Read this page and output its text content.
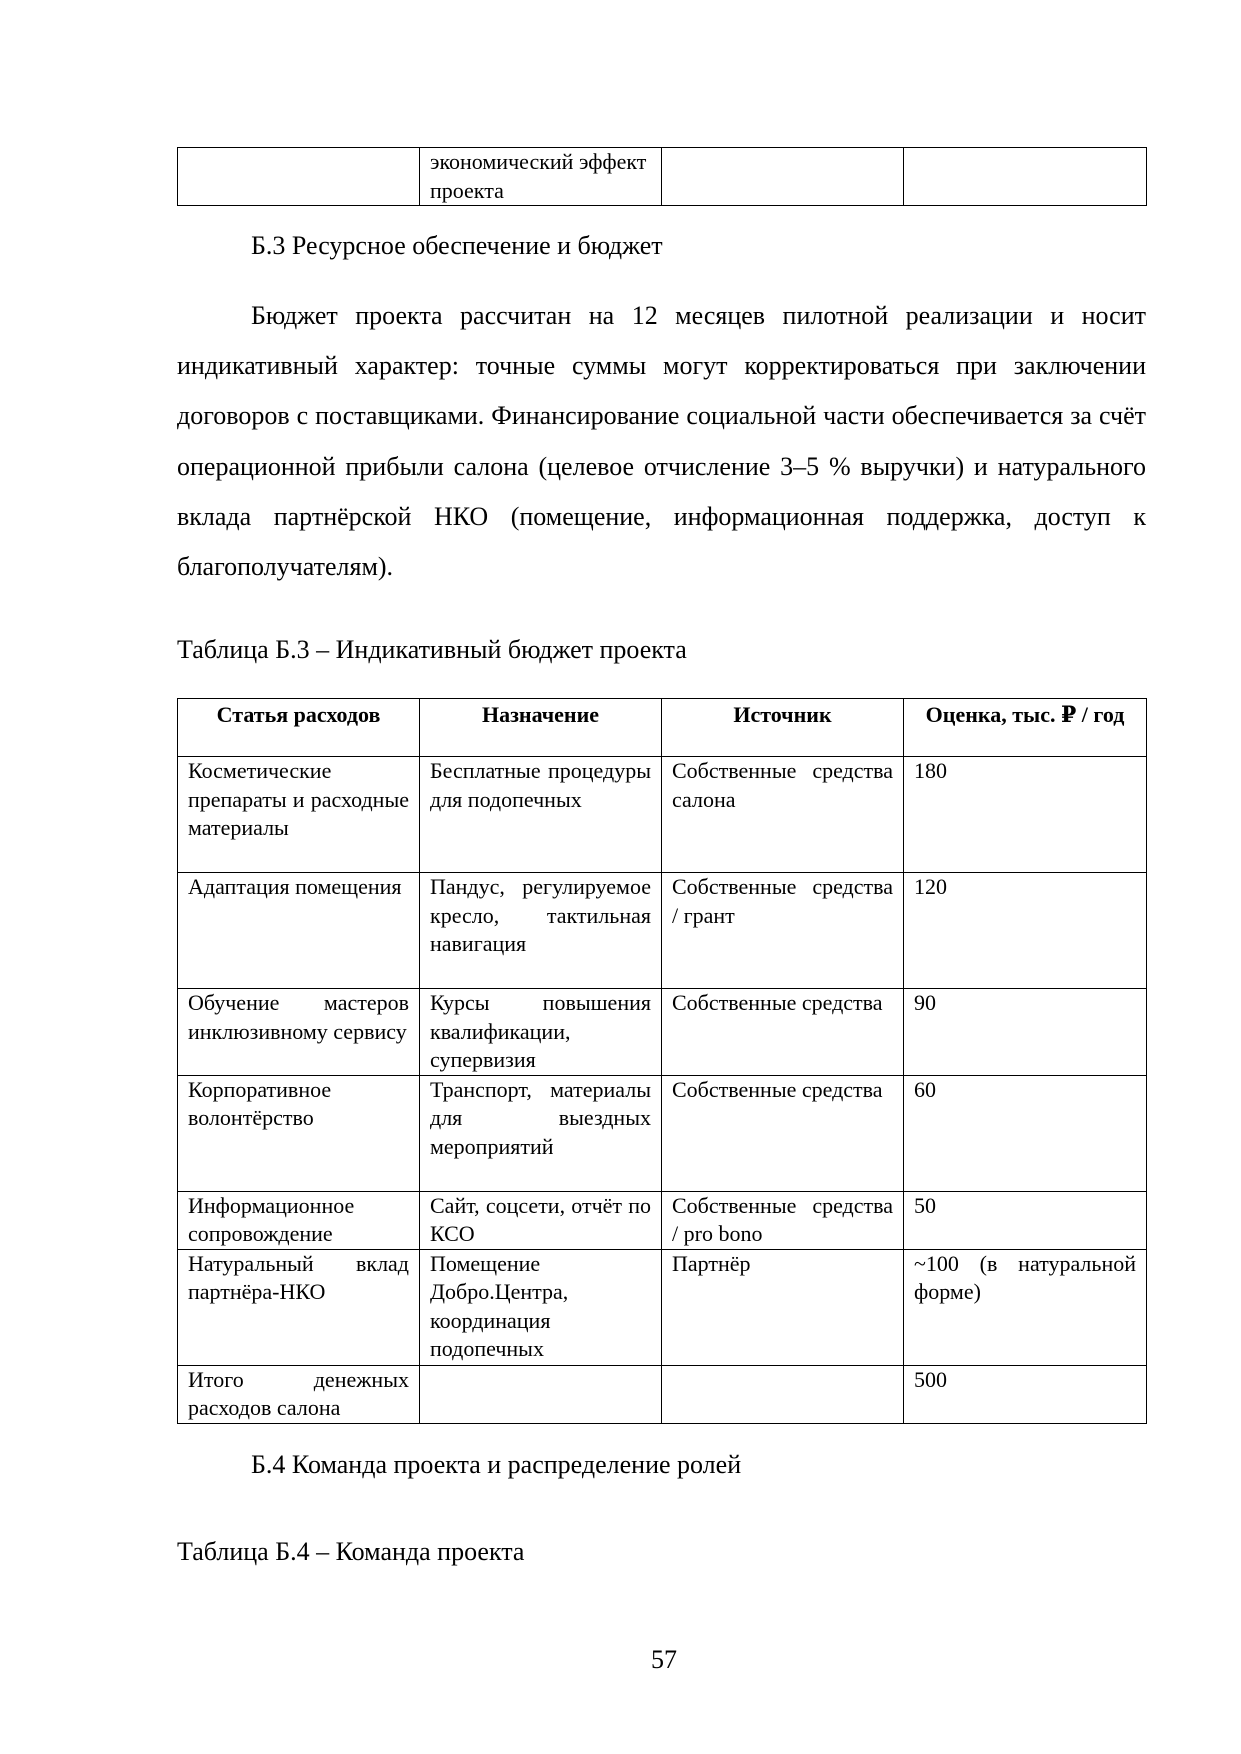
	экономический эффект проекта		
Б.3 Ресурсное обеспечение и бюджет
Бюджет проекта рассчитан на 12 месяцев пилотной реализации и носит индикативный характер: точные суммы могут корректироваться при заключении договоров с поставщиками. Финансирование социальной части обеспечивается за счёт операционной прибыли салона (целевое отчисление 3–5 % выручки) и натурального вклада партнёрской НКО (помещение, информационная поддержка, доступ к благополучателям).
Таблица Б.3 – Индикативный бюджет проекта
Статья расходов	Назначение	Источник	Оценка, тыс. ₽ / год
Косметические препараты и расходные материалы	Бесплатные процедуры для подопечных	Собственные средства салона	180
Адаптация помещения	Пандус, регулируемое кресло, тактильная навигация	Собственные средства / грант	120
Обучение мастеров инклюзивному сервису	Курсы повышения квалификации, супервизия	Собственные средства	90
Корпоративное волонтёрство	Транспорт, материалы для выездных мероприятий	Собственные средства	60
Информационное сопровождение	Сайт, соцсети, отчёт по КСО	Собственные средства / pro bono	50
Натуральный вклад партнёра-НКО	Помещение Добро.Центра, координация подопечных	Партнёр	~100 (в натуральной форме)
Итого денежных расходов салона			500
Б.4 Команда проекта и распределение ролей
Таблица Б.4 – Команда проекта
57
